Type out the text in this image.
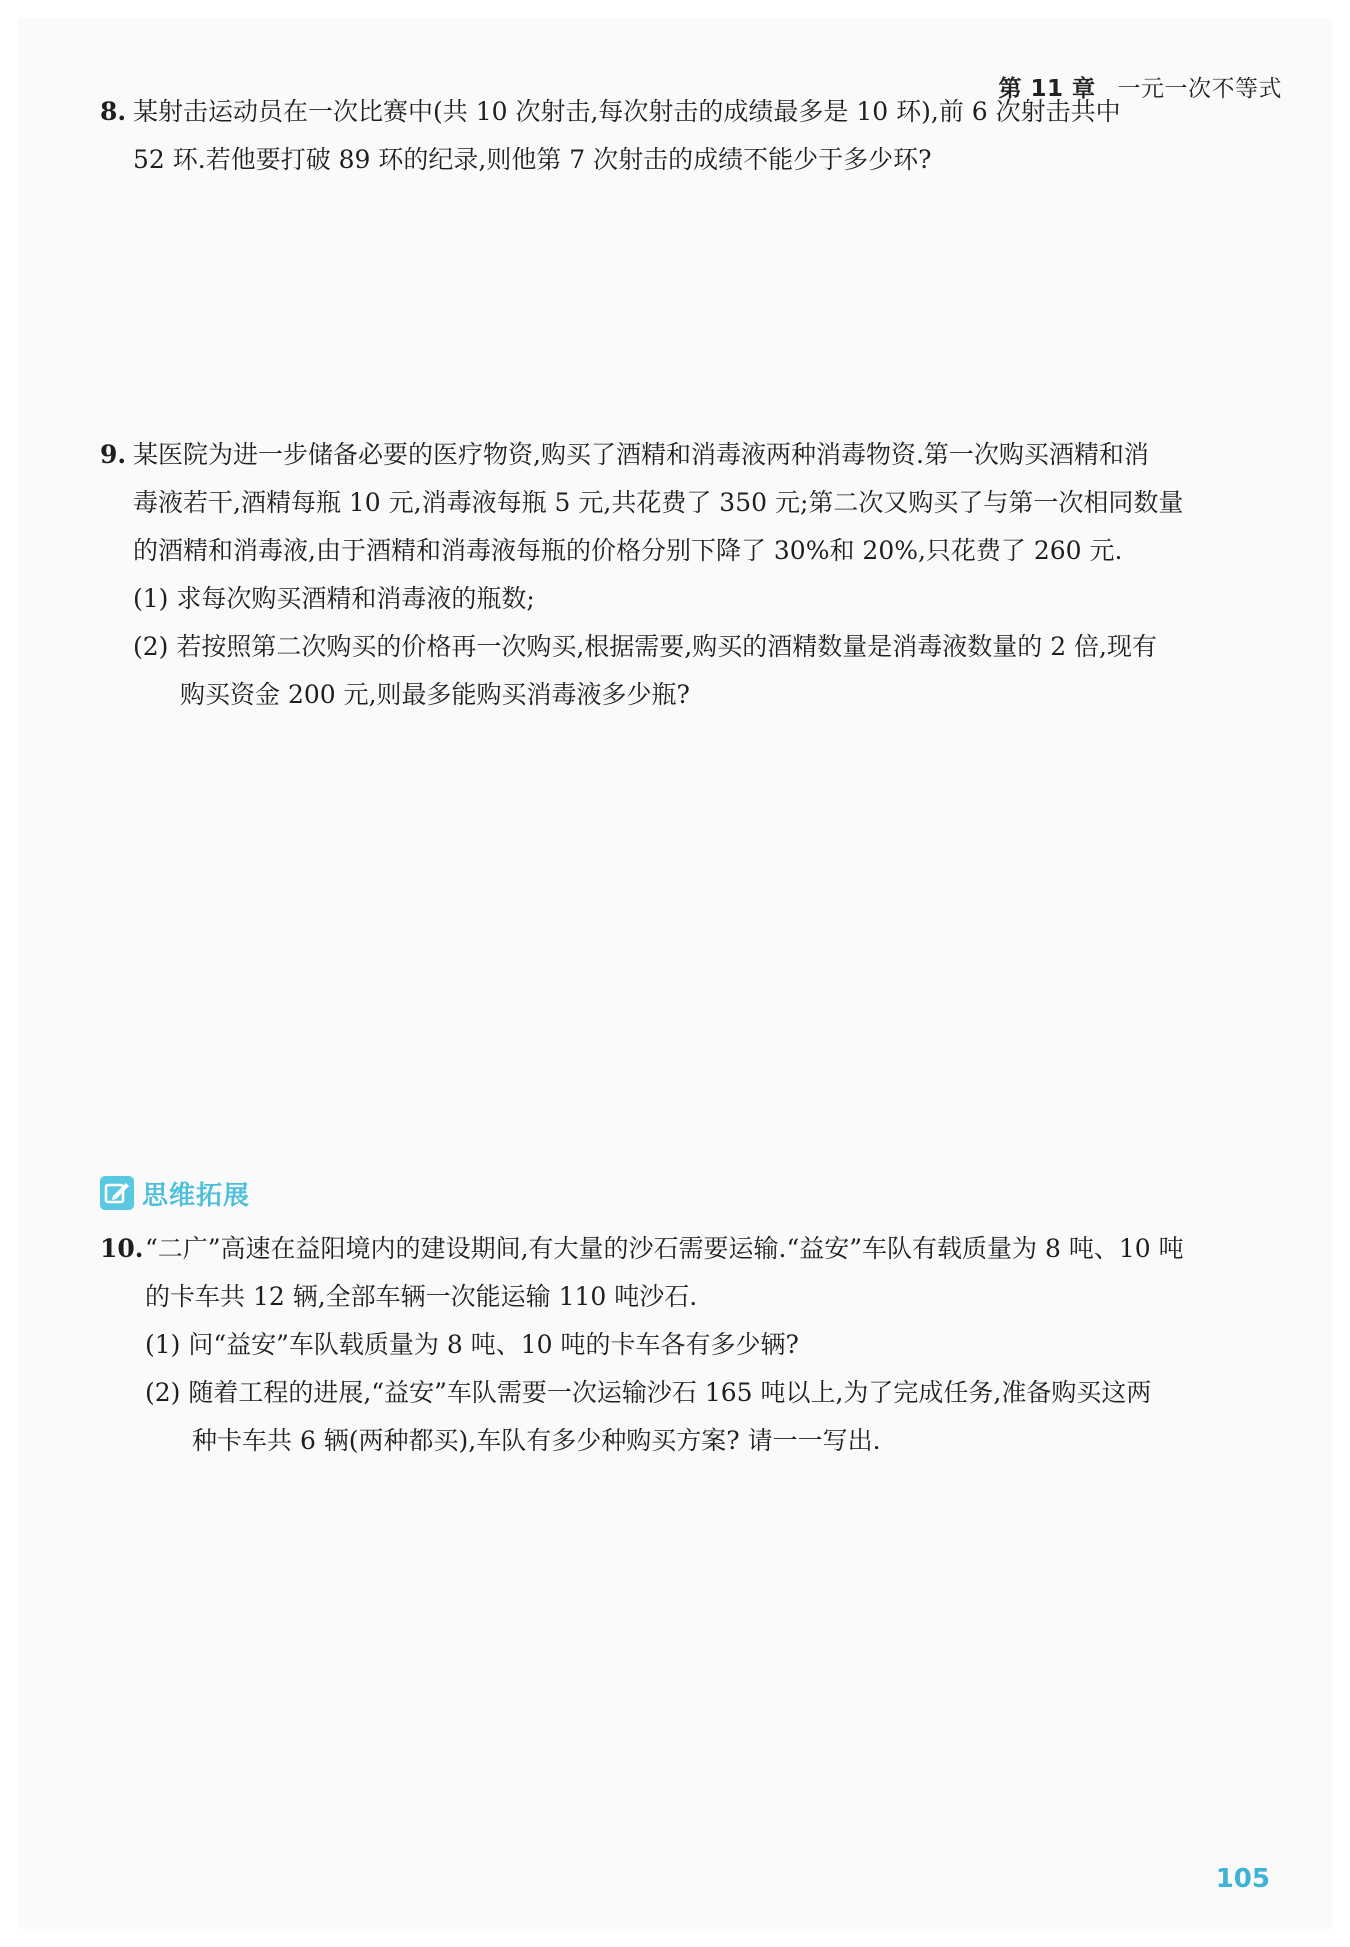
第 11 章 一元一次不等式
8. 某射击运动员在一次比赛中(共 10 次射击,每次射击的成绩最多是 10 环),前 6 次射击共中
52 环.若他要打破 89 环的纪录,则他第 7 次射击的成绩不能少于多少环?
9. 某医院为进一步储备必要的医疗物资,购买了酒精和消毒液两种消毒物资.第一次购买酒精和消
毒液若干,酒精每瓶 10 元,消毒液每瓶 5 元,共花费了 350 元;第二次又购买了与第一次相同数量
的酒精和消毒液,由于酒精和消毒液每瓶的价格分别下降了 30%和 20%,只花费了 260 元.
(1) 求每次购买酒精和消毒液的瓶数;
(2) 若按照第二次购买的价格再一次购买,根据需要,购买的酒精数量是消毒液数量的 2 倍,现有
购买资金 200 元,则最多能购买消毒液多少瓶?
思维拓展
10.“二广”高速在益阳境内的建设期间,有大量的沙石需要运输.“益安”车队有载质量为 8 吨、10 吨
的卡车共 12 辆,全部车辆一次能运输 110 吨沙石.
(1) 问“益安”车队载质量为 8 吨、10 吨的卡车各有多少辆?
(2) 随着工程的进展,“益安”车队需要一次运输沙石 165 吨以上,为了完成任务,准备购买这两
种卡车共 6 辆(两种都买),车队有多少种购买方案? 请一一写出.
105
